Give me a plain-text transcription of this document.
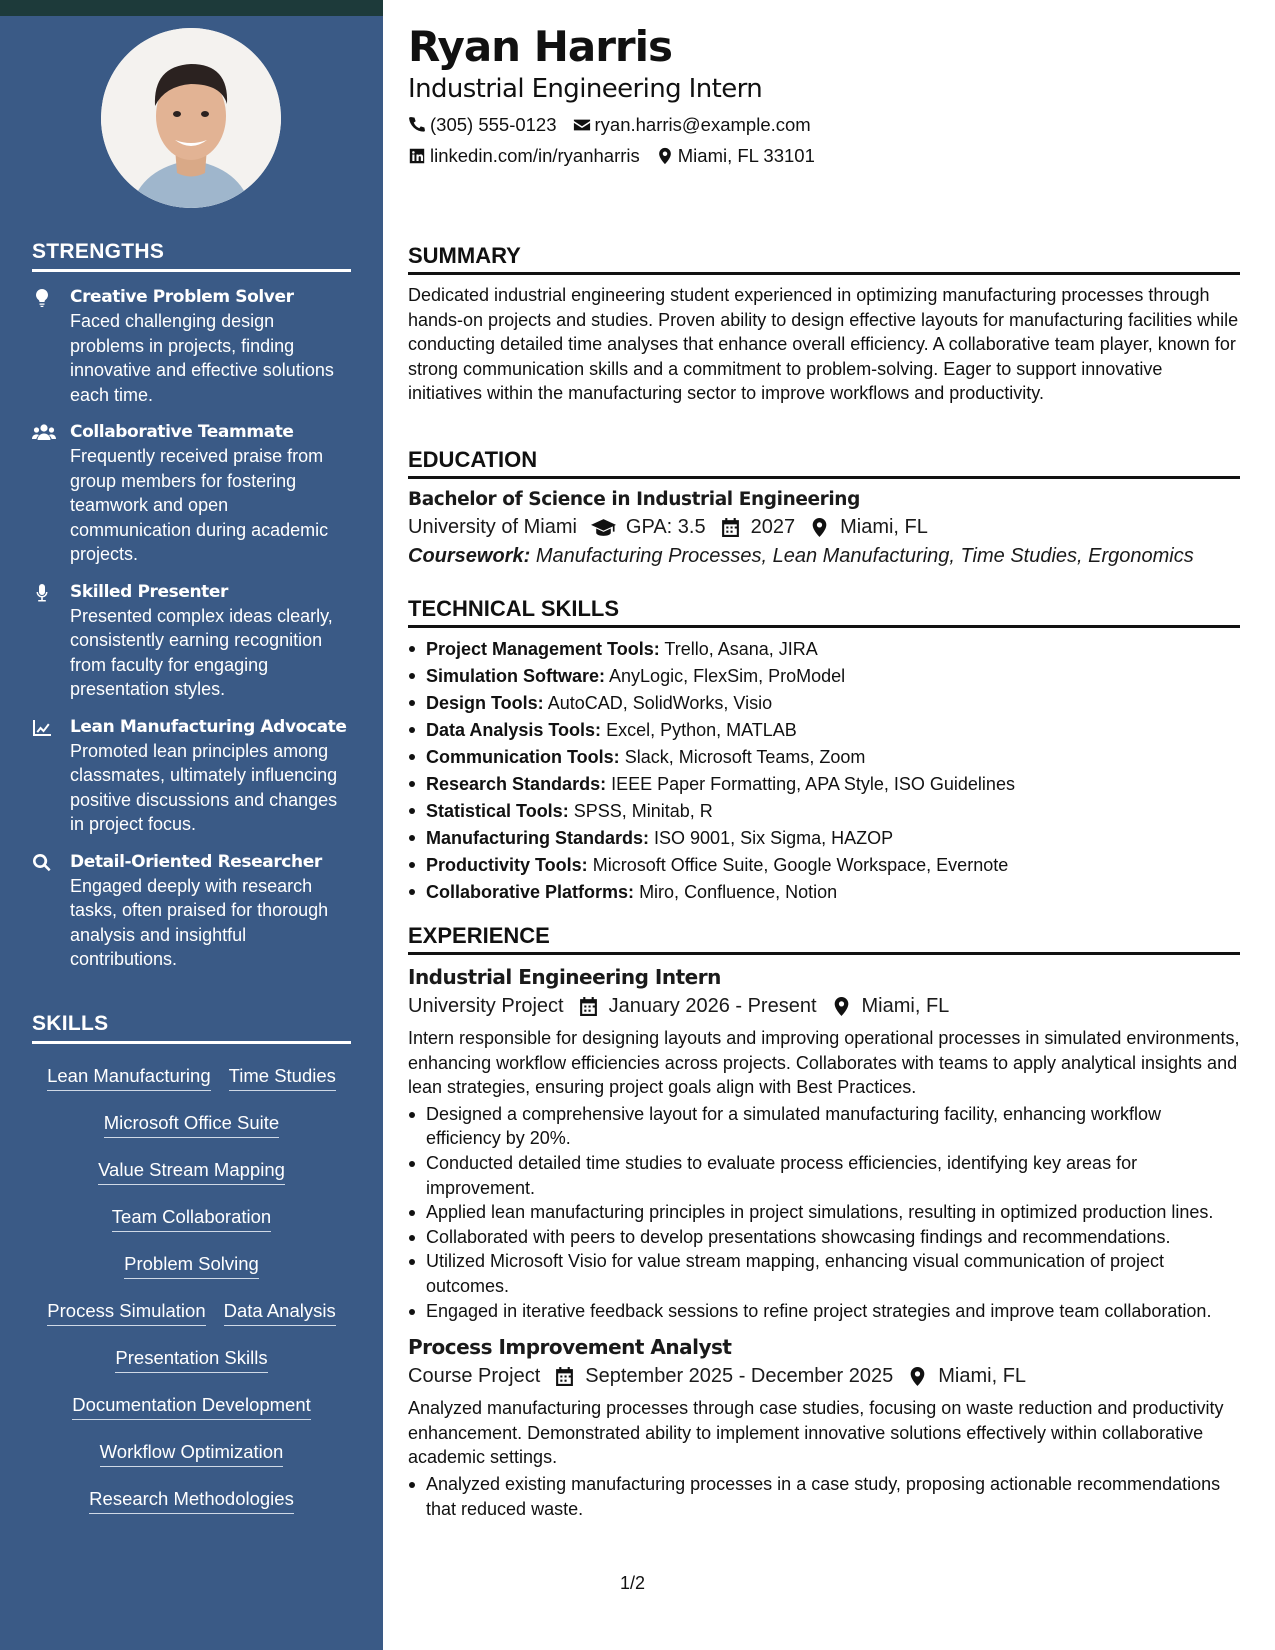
STRENGTHS
Creative Problem Solver
Faced challenging design problems in projects, finding innovative and effective solutions each time.
Collaborative Teammate
Frequently received praise from group members for fostering teamwork and open communication during academic projects.
Skilled Presenter
Presented complex ideas clearly, consistently earning recognition from faculty for engaging presentation styles.
Lean Manufacturing Advocate
Promoted lean principles among classmates, ultimately influencing positive discussions and changes in project focus.
Detail-Oriented Researcher
Engaged deeply with research tasks, often praised for thorough analysis and insightful contributions.
SKILLS
Lean Manufacturing Time Studies
Microsoft Office Suite
Value Stream Mapping
Team Collaboration
Problem Solving
Process Simulation Data Analysis
Presentation Skills
Documentation Development
Workflow Optimization
Research Methodologies
Ryan Harris
Industrial Engineering Intern
(305) 555-0123 ryan.harris@example.com
linkedin.com/in/ryanharris Miami, FL 33101
SUMMARY
Dedicated industrial engineering student experienced in optimizing manufacturing processes through hands-on projects and studies. Proven ability to design effective layouts for manufacturing facilities while conducting detailed time analyses that enhance overall efficiency. A collaborative team player, known for strong communication skills and a commitment to problem-solving. Eager to support innovative initiatives within the manufacturing sector to improve workflows and productivity.
EDUCATION
Bachelor of Science in Industrial Engineering
University of Miami GPA: 3.5 2027 Miami, FL
Coursework: Manufacturing Processes, Lean Manufacturing, Time Studies, Ergonomics
TECHNICAL SKILLS
Project Management Tools: Trello, Asana, JIRA
Simulation Software: AnyLogic, FlexSim, ProModel
Design Tools: AutoCAD, SolidWorks, Visio
Data Analysis Tools: Excel, Python, MATLAB
Communication Tools: Slack, Microsoft Teams, Zoom
Research Standards: IEEE Paper Formatting, APA Style, ISO Guidelines
Statistical Tools: SPSS, Minitab, R
Manufacturing Standards: ISO 9001, Six Sigma, HAZOP
Productivity Tools: Microsoft Office Suite, Google Workspace, Evernote
Collaborative Platforms: Miro, Confluence, Notion
EXPERIENCE
Industrial Engineering Intern
University Project January 2026 - Present Miami, FL
Intern responsible for designing layouts and improving operational processes in simulated environments, enhancing workflow efficiencies across projects. Collaborates with teams to apply analytical insights and lean strategies, ensuring project goals align with Best Practices.
Designed a comprehensive layout for a simulated manufacturing facility, enhancing workflow efficiency by 20%.
Conducted detailed time studies to evaluate process efficiencies, identifying key areas for improvement.
Applied lean manufacturing principles in project simulations, resulting in optimized production lines.
Collaborated with peers to develop presentations showcasing findings and recommendations.
Utilized Microsoft Visio for value stream mapping, enhancing visual communication of project outcomes.
Engaged in iterative feedback sessions to refine project strategies and improve team collaboration.
Process Improvement Analyst
Course Project September 2025 - December 2025 Miami, FL
Analyzed manufacturing processes through case studies, focusing on waste reduction and productivity enhancement. Demonstrated ability to implement innovative solutions effectively within collaborative academic settings.
Analyzed existing manufacturing processes in a case study, proposing actionable recommendations that reduced waste.
1/2
